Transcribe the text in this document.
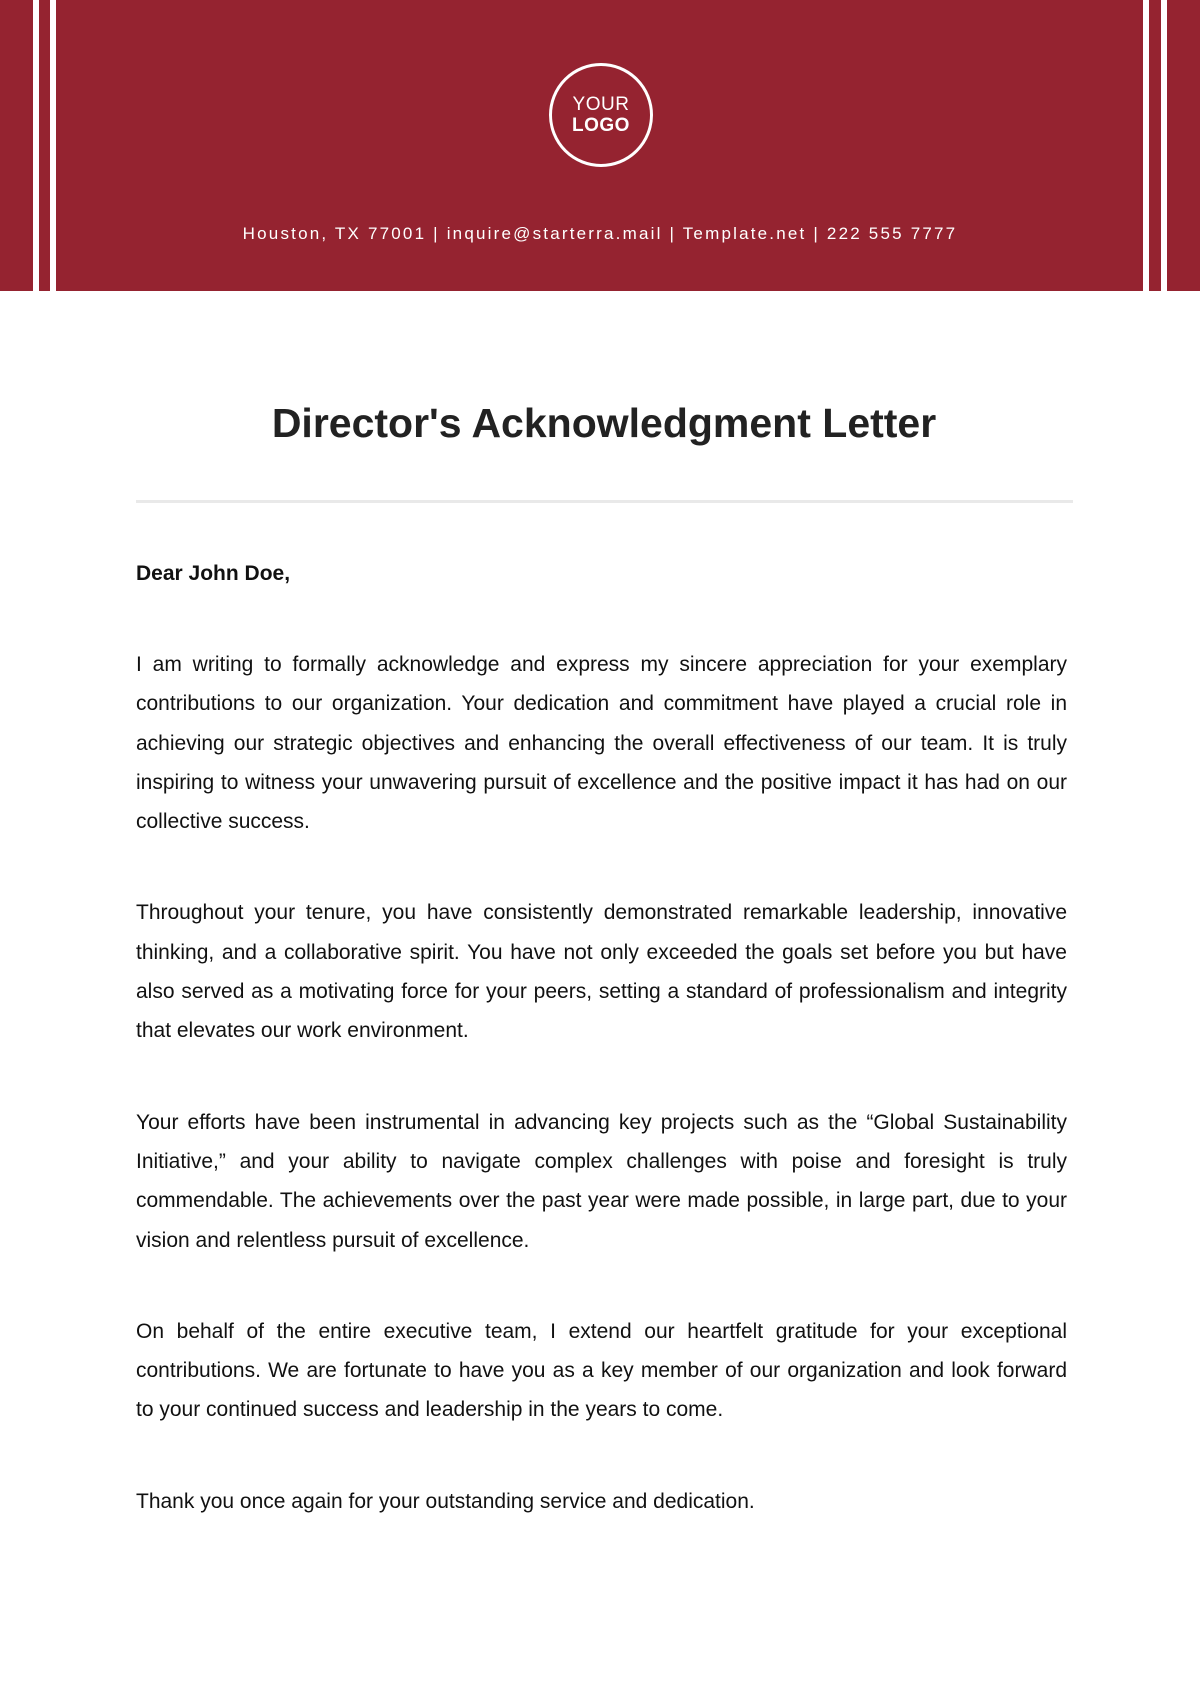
YOUR
LOGO
Houston, TX 77001 | inquire@starterra.mail | Template.net | 222 555 7777
Director's Acknowledgment Letter
Dear John Doe,

I am writing to formally acknowledge and express my sincere appreciation for your exemplary contributions to our organization. Your dedication and commitment have played a crucial role in achieving our strategic objectives and enhancing the overall effectiveness of our team. It is truly inspiring to witness your unwavering pursuit of excellence and the positive impact it has had on our collective success.

Throughout your tenure, you have consistently demonstrated remarkable leadership, innovative thinking, and a collaborative spirit. You have not only exceeded the goals set before you but have also served as a motivating force for your peers, setting a standard of professionalism and integrity that elevates our work environment.

Your efforts have been instrumental in advancing key projects such as the “Global Sustainability Initiative,” and your ability to navigate complex challenges with poise and foresight is truly commendable. The achievements over the past year were made possible, in large part, due to your vision and relentless pursuit of excellence.

On behalf of the entire executive team, I extend our heartfelt gratitude for your exceptional contributions. We are fortunate to have you as a key member of our organization and look forward to your continued success and leadership in the years to come.

Thank you once again for your outstanding service and dedication.
